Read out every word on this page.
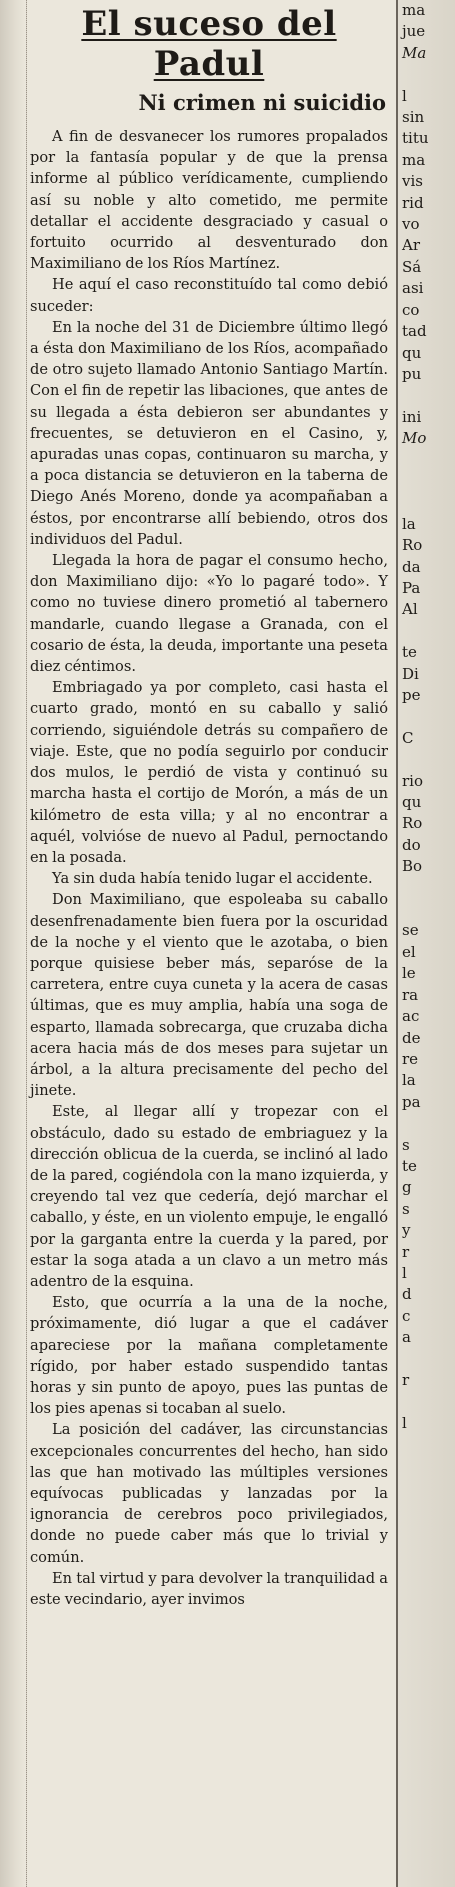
El suceso del Padul
Ni crimen ni suicidio

A fin de desvanecer los rumores propalados por la fantasía popular y de que la prensa informe al público verídicamente, cumpliendo así su noble y alto cometido, me permite detallar el accidente desgraciado y casual o fortuito ocurrido al desventurado don Maximiliano de los Ríos Martínez.

He aquí el caso reconstituído tal como debió suceder:

En la noche del 31 de Diciembre último llegó a ésta don Maximiliano de los Ríos, acompañado de otro sujeto llamado Antonio Santiago Martín. Con el fin de repetir las libaciones, que antes de su llegada a ésta debieron ser abundantes y frecuentes, se detuvieron en el Casino, y, apuradas unas copas, continuaron su marcha, y a poca distancia se detuvieron en la taberna de Diego Anés Moreno, donde ya acompañaban a éstos, por encontrarse allí bebiendo, otros dos individuos del Padul.

Llegada la hora de pagar el consumo hecho, don Maximiliano dijo: «Yo lo pagaré todo». Y como no tuviese dinero prometió al tabernero mandarle, cuando llegase a Granada, con el cosario de ésta, la deuda, importante una peseta diez céntimos.

Embriagado ya por completo, casi hasta el cuarto grado, montó en su caballo y salió corriendo, siguiéndole detrás su compañero de viaje. Este, que no podía seguirlo por conducir dos mulos, le perdió de vista y continuó su marcha hasta el cortijo de Morón, a más de un kilómetro de esta villa; y al no encontrar a aquél, volvióse de nuevo al Padul, pernoctando en la posada.

Ya sin duda había tenido lugar el accidente.

Don Maximiliano, que espoleaba su caballo desenfrenadamente bien fuera por la oscuridad de la noche y el viento que le azotaba, o bien porque quisiese beber más, separóse de la carretera, entre cuya cuneta y la acera de casas últimas, que es muy amplia, había una soga de esparto, llamada sobrecarga, que cruzaba dicha acera hacia más de dos meses para sujetar un árbol, a la altura precisamente del pecho del jinete.

Este, al llegar allí y tropezar con el obstáculo, dado su estado de embriaguez y la dirección oblicua de la cuerda, se inclinó al lado de la pared, cogiéndola con la mano izquierda, y creyendo tal vez que cedería, dejó marchar el caballo, y éste, en un violento empuje, le engalló por la garganta entre la cuerda y la pared, por estar la soga atada a un clavo a un metro más adentro de la esquina.

Esto, que ocurría a la una de la noche, próximamente, dió lugar a que el cadáver apareciese por la mañana completamente rígido, por haber estado suspendido tantas horas y sin punto de apoyo, pues las puntas de los pies apenas si tocaban al suelo.

La posición del cadáver, las circunstancias excepcionales concurrentes del hecho, han sido las que han motivado las múltiples versiones equívocas publicadas y lanzadas por la ignorancia de cerebros poco privilegiados, donde no puede caber más que lo trivial y común.

En tal virtud y para devolver la tranquilidad a este vecindario, ayer invimos

ma
jue
Ma

l
sin
titu
ma
vis
rid
vo
Ar
Sá
asi
co
tad
qu
pu

ini
Mo

la
Ro
da
Pa
Al

te
Di
pe

C

rio
qu
Ro
do
Bo

se
el
le
ra
ac
de
re
la
pa

s
te
g
s
y
r
l
d
c
a

r

l
